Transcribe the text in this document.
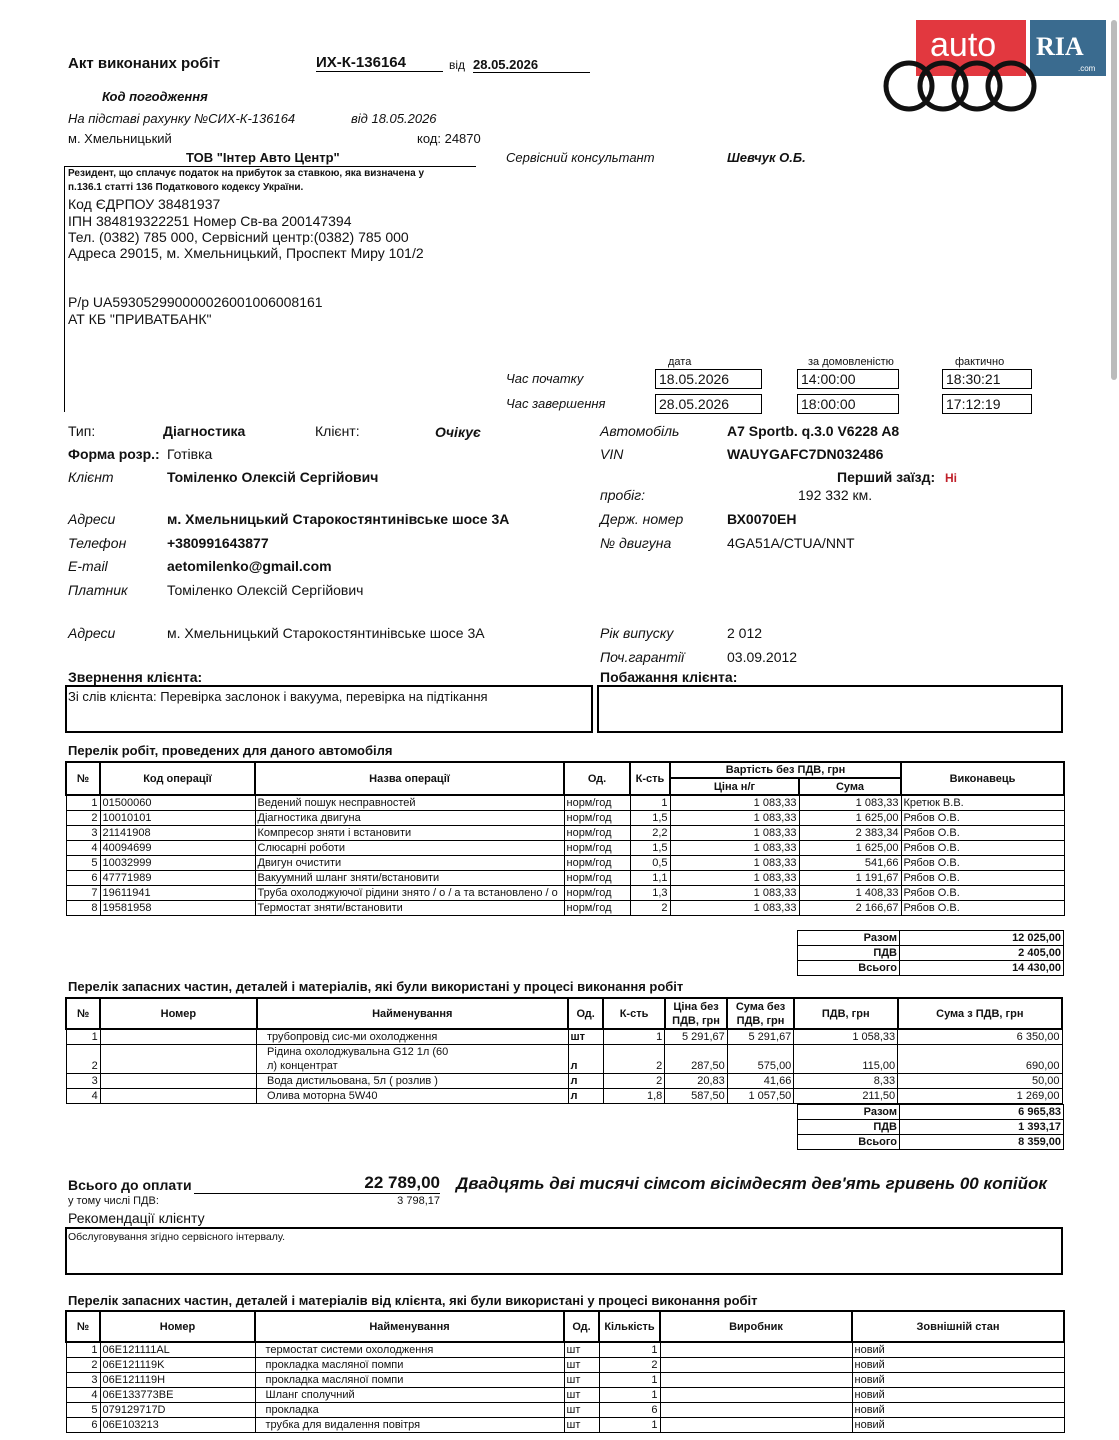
Акт виконаних робіт	ИХ-К-136164	від 28.05.2026
Код погодження
На підставі рахунку №СИХ-К-136164	від 18.05.2026
м. Хмельницький	код: 24870
auto RIA
.com
ТОВ "Інтер Авто Центр"
Резидент, що сплачує податок на прибуток за ставкою, яка визначена у
п.136.1 статті 136 Податкового кодексу України.
Код ЄДРПОУ 38481937
ІПН 384819322251 Номер Св-ва 200147394
Тел. (0382) 785 000, Сервісний центр:(0382) 785 000
Адреса 29015, м. Хмельницький, Проспект Миру 101/2
Р/р UA593052990000026001006008161
АТ КБ "ПРИВАТБАНК"
Сервісний консультант	Шевчук О.Б.
дата	за домовленістю	фактично
Час початку
Час завершення
18.05.2026	14:00:00	18:30:21
28.05.2026	18:00:00	17:12:19
Тип:	Діагностика	Клієнт:	Очікує
Форма розр.: Готівка
Клієнт	Томіленко Олексій Сергійович
Адреси	м. Хмельницький Старокостянтинівське шосе 3А
Телефон	+380991643877
E-mail	aetomilenko@gmail.com
Платник	Томіленко Олексій Сергійович
Адреси	м. Хмельницький Старокостянтинівське шосе 3А
Автомобіль	A7 Sportb. q.3.0 V6228 A8
VIN	WAUYGAFC7DN032486
Перший заїзд: Ні
пробіг:	192 332 км.
Держ. номер	ВХ0070ЕН
№ двигуна	4GA51A/CTUA/NNT
Рік випуску	2 012
Поч.гарантії	03.09.2012
Звернення клієнта:
Зі слів клієнта: Перевірка заслонок і вакуума, перевірка на підтікання
Побажання клієнта:
Перелік робіт, проведених для даного автомобіля
№	Код операції	Назва операції	Од.	К-сть	Вартість без ПДВ, грн		Виконавець
					Ціна н/г	Сума	
1	01500060	Ведений пошук несправностей	норм/год	1	1 083,33	1 083,33	Кретюк В.В.
2	10010101	Діагностика двигуна	норм/год	1,5	1 083,33	1 625,00	Рябов О.В.
3	21141908	Компресор зняти і встановити	норм/год	2,2	1 083,33	2 383,34	Рябов О.В.
4	40094699	Слюсарні роботи	норм/год	1,5	1 083,33	1 625,00	Рябов О.В.
5	10032999	Двигун очистити	норм/год	0,5	1 083,33	541,66	Рябов О.В.
6	47771989	Вакуумний шланг зняти/встановити	норм/год	1,1	1 083,33	1 191,67	Рябов О.В.
7	19611941	Труба охолоджуючої рідини знято / о / а та встановлено / о	норм/год	1,3	1 083,33	1 408,33	Рябов О.В.
8	19581958	Термостат зняти/встановити	норм/год	2	1 083,33	2 166,67	Рябов О.В.
Разом	12 025,00
ПДВ	2 405,00
Всього	14 430,00
Перелік запасних частин, деталей і матеріалів, які були використані у процесі виконання робіт
№	Номер	Найменування	Од.	К-сть	Ціна без
ПДВ, грн	Сума без
ПДВ, грн	ПДВ, грн	Сума з ПДВ, грн
1		трубопровід сис-ми охолодження	шт	1	5 291,67	5 291,67	1 058,33	6 350,00
2		Рідина охолоджувальна G12 1л (60
л) концентрат	л	2	287,50	575,00	115,00	690,00
3		Вода дистильована, 5л ( розлив )	л	2	20,83	41,66	8,33	50,00
4		Олива моторна 5W40	л	1,8	587,50	1 057,50	211,50	1 269,00
Разом	6 965,83
ПДВ	1 393,17
Всього	8 359,00
Всього до оплати	22 789,00 Двадцять дві тисячі сімсот вісімдесят дев'ять гривень 00 копійок
у тому числі ПДВ:	3 798,17
Рекомендації клієнту
Обслуговування згідно сервісного інтервалу.
Перелік запасних частин, деталей і матеріалів від клієнта, які були використані у процесі виконання робіт
№	Номер	Найменування	Од.	Кількість	Виробник	Зовнішній стан
1	06E121111AL	термостат системи охолодження	шт	1		новий
2	06E121119K	прокладка масляної помпи	шт	2		новий
3	06E121119H	прокладка масляної помпи	шт	1		новий
4	06E133773BE	Шланг сполучний	шт	1		новий
5	079129717D	прокладка	шт	6		новий
6	06E103213	трубка для видалення повітря	шт	1		новий
